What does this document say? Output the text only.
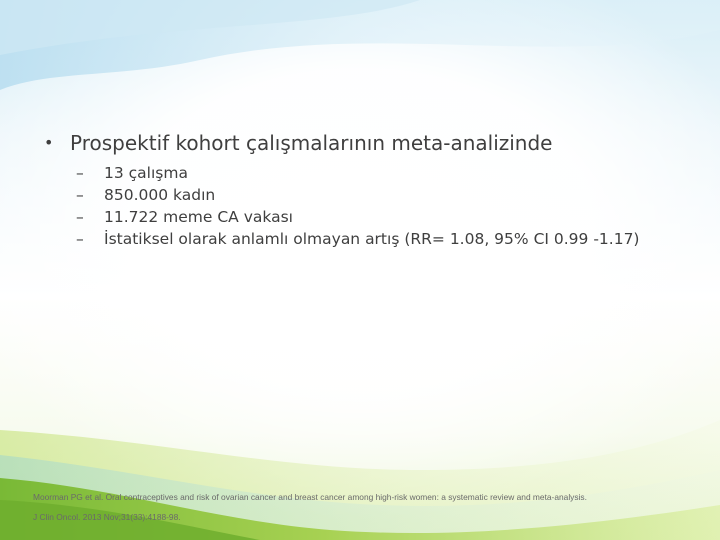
• Prospektif kohort çalışmalarının meta-analizinde
–	13 çalışma
–	850.000 kadın
–	11.722 meme CA vakası
–	İstatiksel olarak anlamlı olmayan artış (RR= 1.08, 95% CI 0.99 -1.17)
Moorman PG et al. Oral contraceptives and risk of ovarian cancer and breast cancer among high-risk women: a systematic review and meta-analysis.
J Clin Oncol. 2013 Nov;31(33):4188-98.
